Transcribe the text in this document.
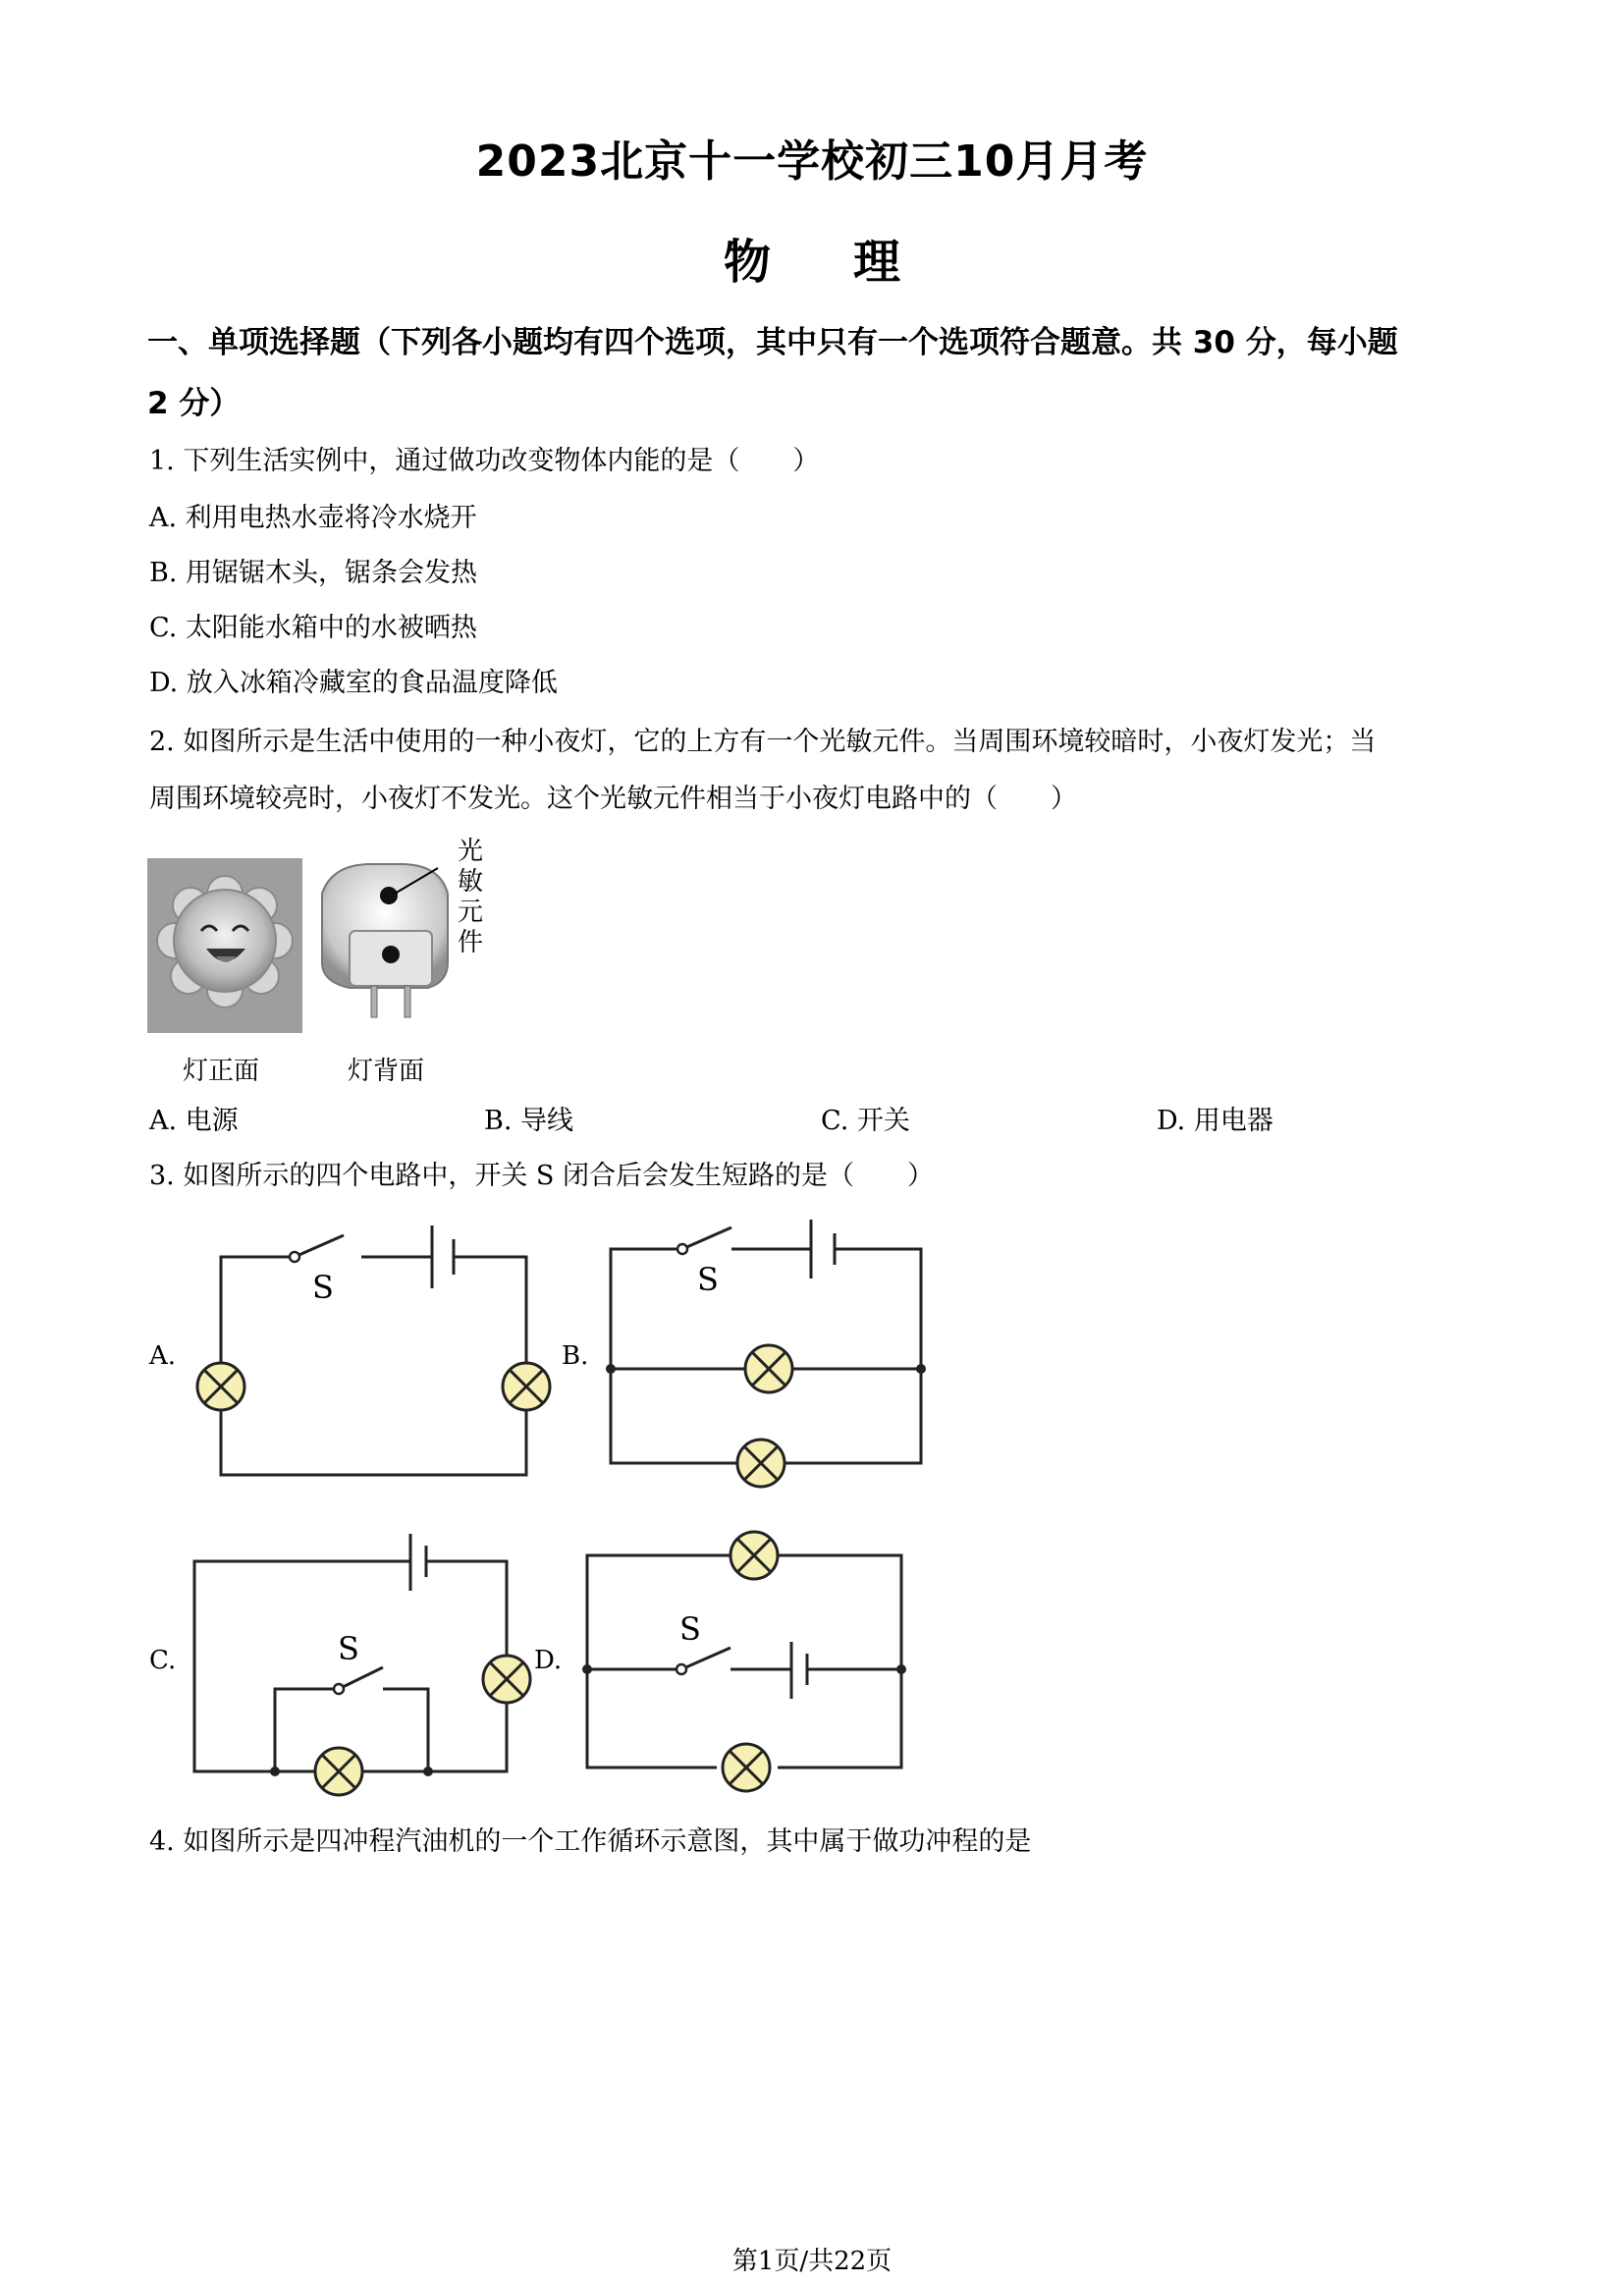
2023北京十一学校初三10月月考
物 理
一、单项选择题（下列各小题均有四个选项，其中只有一个选项符合题意。共 30 分，每小题
2 分）
1. 下列生活实例中，通过做功改变物体内能的是（　　）
A. 利用电热水壶将冷水烧开
B. 用锯锯木头，锯条会发热
C. 太阳能水箱中的水被晒热
D. 放入冰箱冷藏室的食品温度降低
2. 如图所示是生活中使用的一种小夜灯，它的上方有一个光敏元件。当周围环境较暗时，小夜灯发光；当
周围环境较亮时，小夜灯不发光。这个光敏元件相当于小夜灯电路中的（　　）
光
敏
元
件
灯正面	灯背面
A. 电源	B. 导线	C. 开关	D. 用电器
3. 如图所示的四个电路中，开关 S 闭合后会发生短路的是（　　）
A.	B.
C.	D.
S	S
S
S
4. 如图所示是四冲程汽油机的一个工作循环示意图，其中属于做功冲程的是
第1页/共22页
